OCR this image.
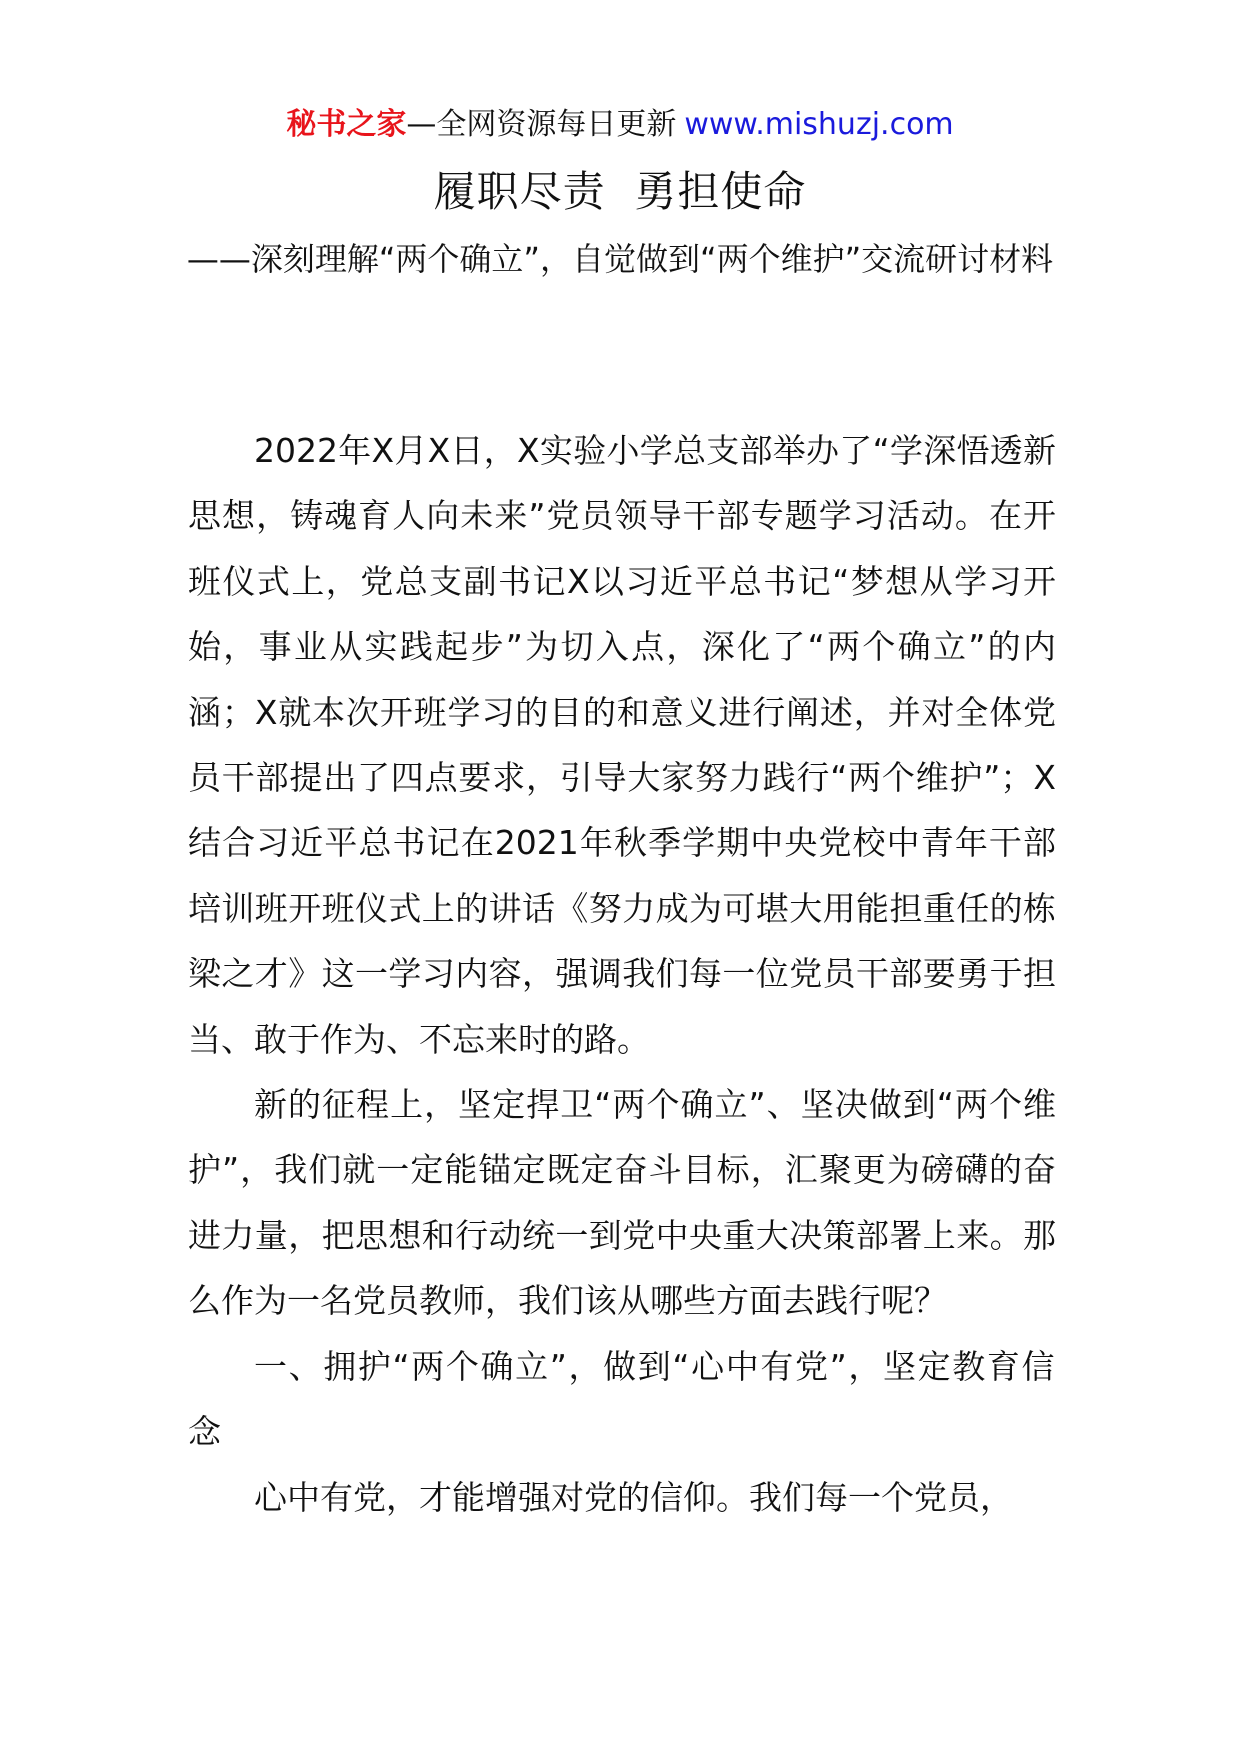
秘书之家—全网资源每日更新 www.mishuzj.com
履职尽责  勇担使命
——深刻理解“两个确立”，自觉做到“两个维护”交流研讨材料

2022年X月X日，X实验小学总支部举办了“学深悟透新思想，铸魂育人向未来”党员领导干部专题学习活动。在开班仪式上，党总支副书记X以习近平总书记“梦想从学习开始，事业从实践起步”为切入点，深化了“两个确立”的内涵；X就本次开班学习的目的和意义进行阐述，并对全体党员干部提出了四点要求，引导大家努力践行“两个维护”；X结合习近平总书记在2021年秋季学期中央党校中青年干部培训班开班仪式上的讲话《努力成为可堪大用能担重任的栋梁之才》这一学习内容，强调我们每一位党员干部要勇于担当、敢于作为、不忘来时的路。

新的征程上，坚定捍卫“两个确立”、坚决做到“两个维护”，我们就一定能锚定既定奋斗目标，汇聚更为磅礴的奋进力量，把思想和行动统一到党中央重大决策部署上来。那么作为一名党员教师，我们该从哪些方面去践行呢？

一、拥护“两个确立”，做到“心中有党”，坚定教育信念

心中有党，才能增强对党的信仰。我们每一个党员，
